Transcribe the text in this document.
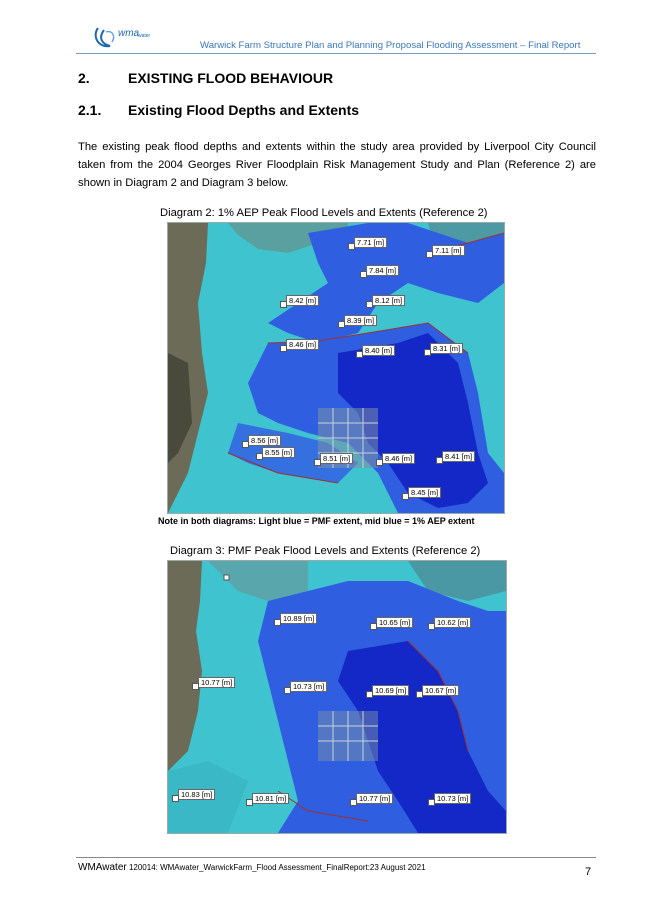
wma
water
Warwick Farm Structure Plan and Planning Proposal Flooding Assessment – Final Report
2.	EXISTING FLOOD BEHAVIOUR
2.1. Existing Flood Depths and Extents
The existing peak flood depths and extents within the study area provided by Liverpool City Council taken from the 2004 Georges River Floodplain Risk Management Study and Plan (Reference 2) are shown in Diagram 2 and Diagram 3 below.
Diagram 2: 1% AEP Peak Flood Levels and Extents (Reference 2)
7.71 [m]
7.11 [m]
7.84 [m]
8.42 [m]	8.12 [m]
8.39 [m]
8.46 [m]
8.40 [m]	8.31 [m]
8.56 [m]
8.55 [m]
8.51 [m]	8.46 [m]	8.41 [m]
8.45 [m]
Note in both diagrams: Light blue = PMF extent, mid blue = 1% AEP extent
Diagram 3: PMF Peak Flood Levels and Extents (Reference 2)
10.89 [m]	10.65 [m]	10.62 [m]
10.77 [m]	10.73 [m]	10.69 [m]	10.67 [m]
10.83 [m]	10.81 [m]	10.77 [m]	10.73 [m]
WMAwater 120014: WMAwater_WarwickFarm_Flood Assessment_FinalReport:23 August 2021	7
